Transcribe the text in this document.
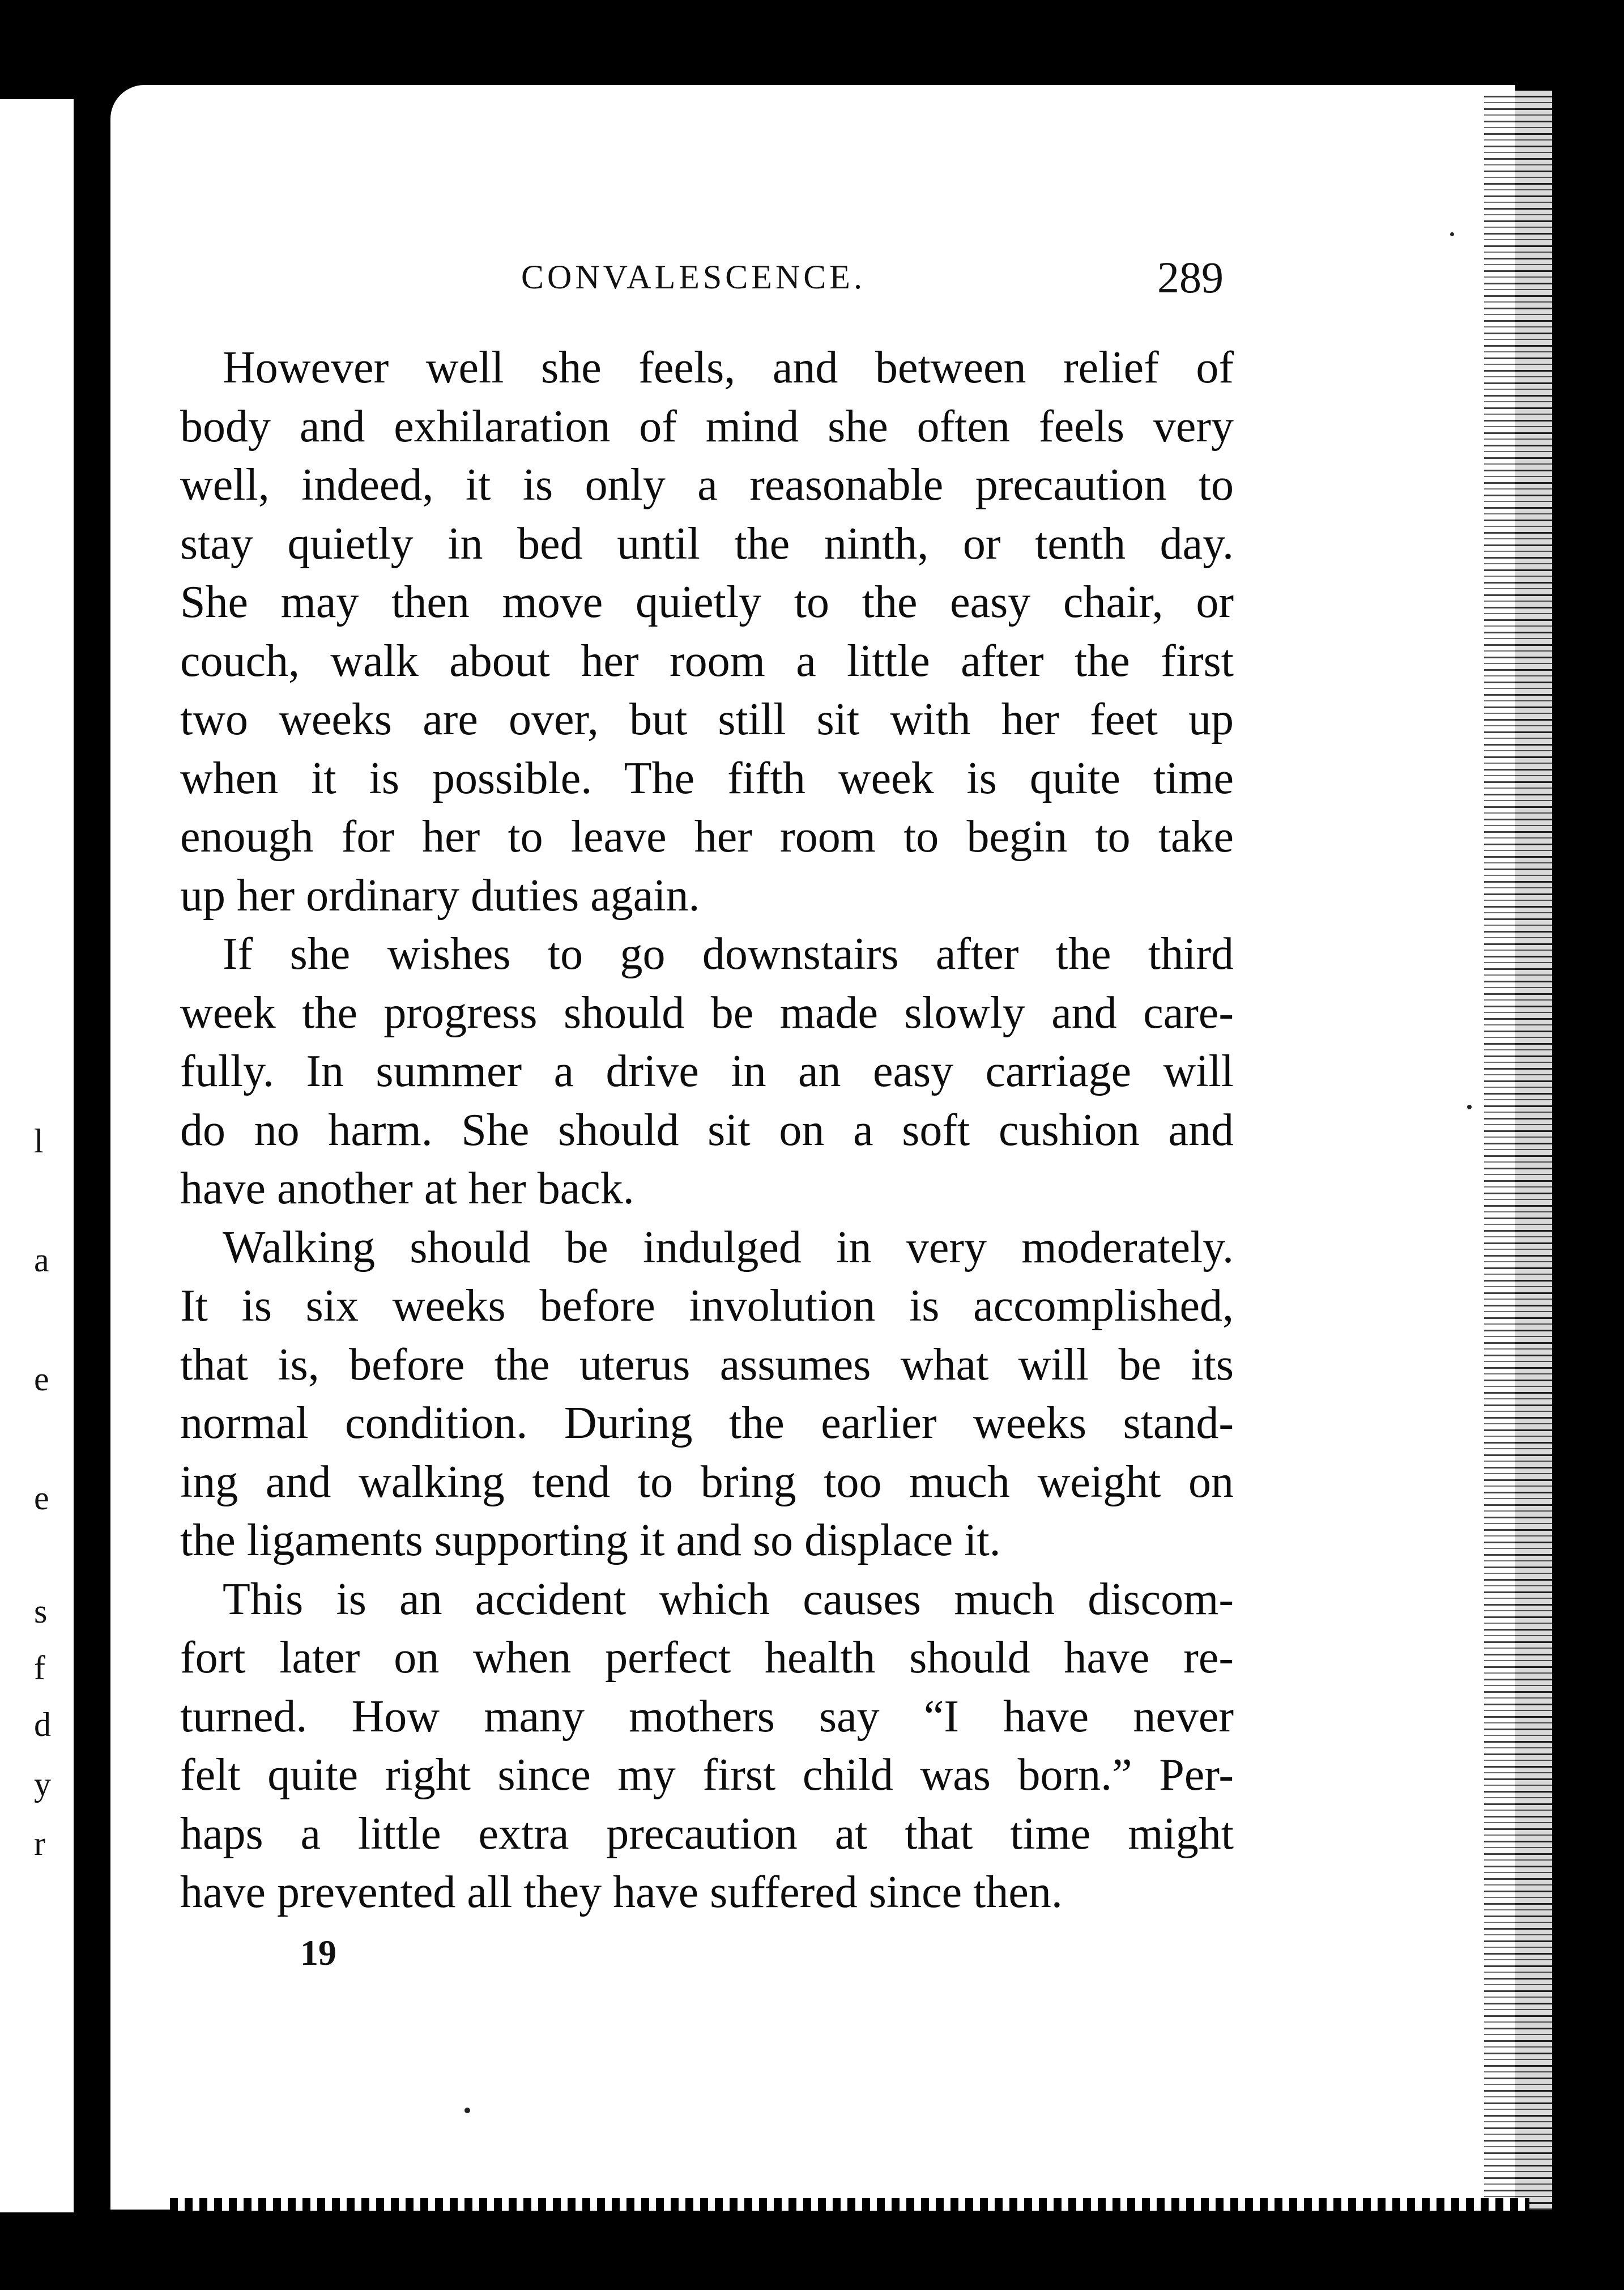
l
a
e
e
s
f
d
y
r
CONVALESCENCE.	289

However well she feels, and between relief of
body and exhilaration of mind she often feels very
well, indeed, it is only a reasonable precaution to
stay quietly in bed until the ninth, or tenth day.
She may then move quietly to the easy chair, or
couch, walk about her room a little after the first
two weeks are over, but still sit with her feet up
when it is possible. The fifth week is quite time
enough for her to leave her room to begin to take
up her ordinary duties again.

If she wishes to go downstairs after the third
week the progress should be made slowly and care-
fully. In summer a drive in an easy carriage will
do no harm. She should sit on a soft cushion and
have another at her back.

Walking should be indulged in very moderately.
It is six weeks before involution is accomplished,
that is, before the uterus assumes what will be its
normal condition. During the earlier weeks stand-
ing and walking tend to bring too much weight on
the ligaments supporting it and so displace it.

This is an accident which causes much discom-
fort later on when perfect health should have re-
turned. How many mothers say “I have never
felt quite right since my first child was born.” Per-
haps a little extra precaution at that time might
have prevented all they have suffered since then.

19
